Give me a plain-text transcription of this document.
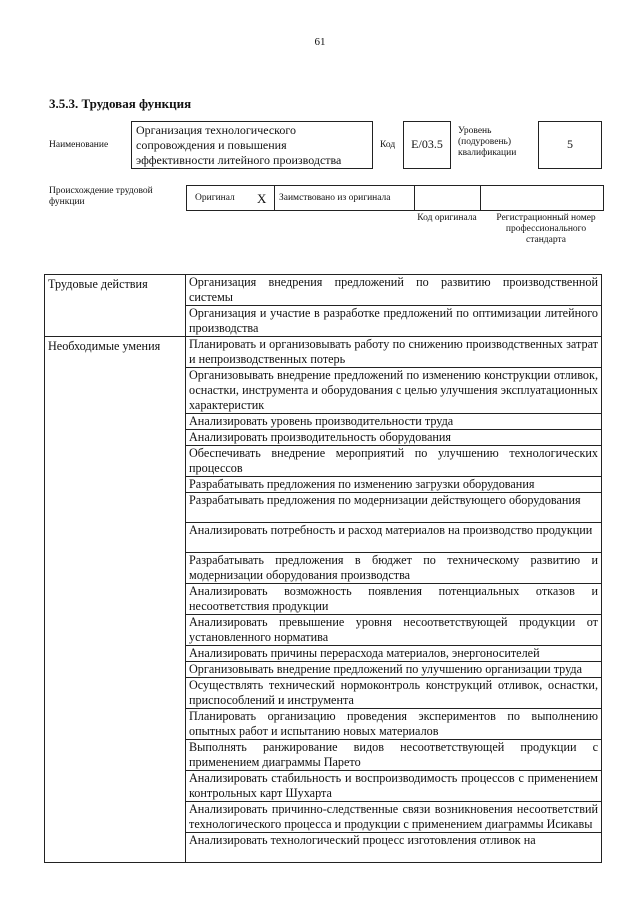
61
3.5.3. Трудовая функция
Наименование
Организация технологического сопровождения и повышения эффективности литейного производства
Код	E/03.5
Уровень (подуровень) квалификации
5
Происхождение трудовой функции	Оригинал X Заимствовано из оригинала
Код оригинала	Регистрационный номер профессионального стандарта
Трудовые действия	Организация внедрения предложений по развитию производственной системы
	Организация и участие в разработке предложений по оптимизации литейного производства
Необходимые умения	Планировать и организовывать работу по снижению производственных затрат и непроизводственных потерь
	Организовывать внедрение предложений по изменению конструкции отливок, оснастки, инструмента и оборудования с целью улучшения эксплуатационных характеристик
	Анализировать уровень производительности труда
	Анализировать производительность оборудования
	Обеспечивать внедрение мероприятий по улучшению технологических процессов
	Разрабатывать предложения по изменению загрузки оборудования
	Разрабатывать предложения по модернизации действующего оборудования
	Анализировать потребность и расход материалов на производство продукции
	Разрабатывать предложения в бюджет по техническому развитию и модернизации оборудования производства
	Анализировать возможность появления потенциальных отказов и несоответствия продукции
	Анализировать превышение уровня несоответствующей продукции от установленного норматива
	Анализировать причины перерасхода материалов, энергоносителей
	Организовывать внедрение предложений по улучшению организации труда
	Осуществлять технический нормоконтроль конструкций отливок, оснастки, приспособлений и инструмента
	Планировать организацию проведения экспериментов по выполнению опытных работ и испытанию новых материалов
	Выполнять ранжирование видов несоответствующей продукции с применением диаграммы Парето
	Анализировать стабильность и воспроизводимость процессов с применением контрольных карт Шухарта
	Анализировать причинно-следственные связи возникновения несоответствий технологического процесса и продукции с применением диаграммы Исикавы
	Анализировать технологический процесс изготовления отливок на
